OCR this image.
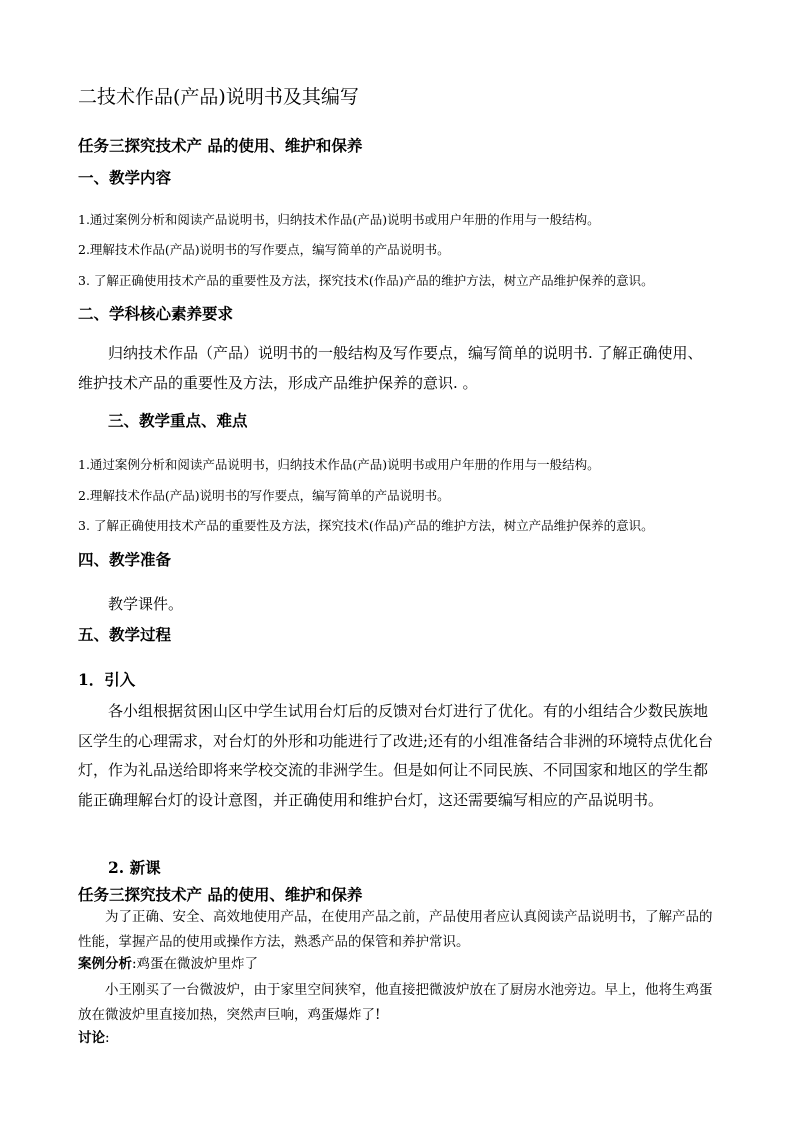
二技术作品(产品)说明书及其编写
任务三探究技术产 品的使用、维护和保养
一、教学内容
1.通过案例分析和阅读产品说明书，归纳技术作品(产品)说明书或用户年册的作用与一般结构。
2.理解技术作品(产品)说明书的写作要点，编写简单的产品说明书。
3. 了解正确使用技术产品的重要性及方法，探究技术(作品)产品的维护方法，树立产品维护保养的意识。
二、学科核心素养要求
归纳技术作品（产品）说明书的一般结构及写作要点，编写简单的说明书. 了解正确使用、维护技术产品的重要性及方法，形成产品维护保养的意识. 。
三、教学重点、难点
1.通过案例分析和阅读产品说明书，归纳技术作品(产品)说明书或用户年册的作用与一般结构。
2.理解技术作品(产品)说明书的写作要点，编写简单的产品说明书。
3. 了解正确使用技术产品的重要性及方法，探究技术(作品)产品的维护方法，树立产品维护保养的意识。
四、教学准备
教学课件。
五、教学过程
1．引入
各小组根据贫困山区中学生试用台灯后的反馈对台灯进行了优化。有的小组结合少数民族地区学生的心理需求，对台灯的外形和功能进行了改进;还有的小组准备结合非洲的环境特点优化台灯，作为礼品送给即将来学校交流的非洲学生。但是如何让不同民族、不同国家和地区的学生都能正确理解台灯的设计意图，并正确使用和维护台灯，这还需要编写相应的产品说明书。
2. 新课
任务三探究技术产 品的使用、维护和保养
为了正确、安全、高效地使用产品，在使用产品之前，产品使用者应认真阅读产品说明书，了解产品的性能，掌握产品的使用或操作方法，熟悉产品的保管和养护常识。
案例分析:鸡蛋在微波炉里炸了
小王刚买了一台微波炉，由于家里空间狭窄，他直接把微波炉放在了厨房水池旁边。早上，他将生鸡蛋放在微波炉里直接加热，突然声巨响，鸡蛋爆炸了!
讨论:
